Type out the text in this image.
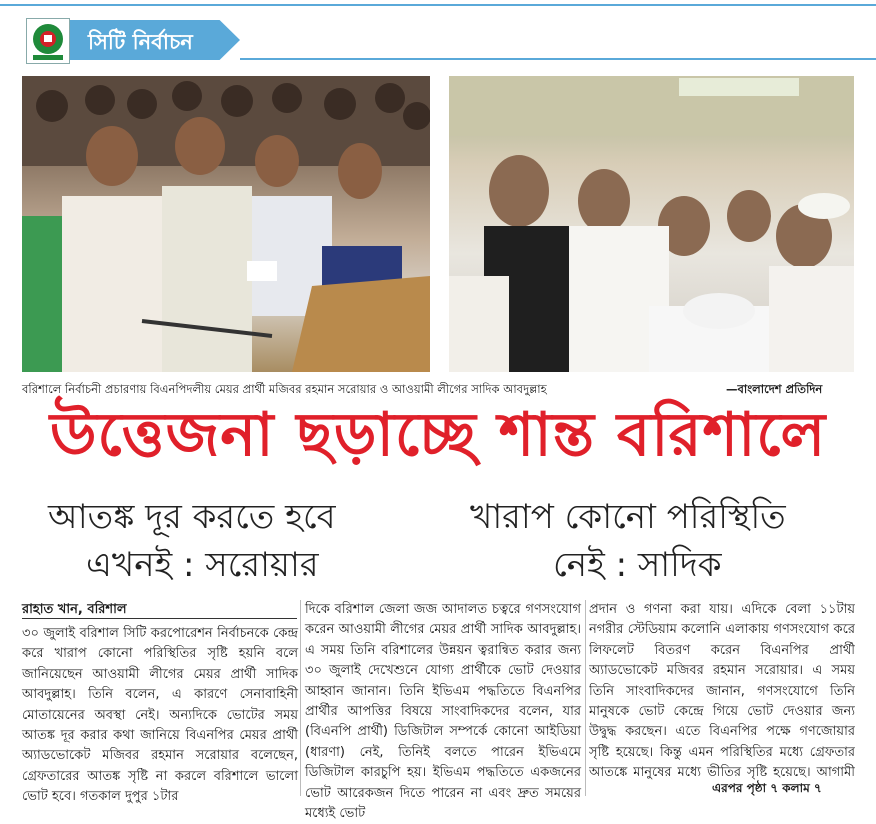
সিটি নির্বাচন
বরিশালে নির্বাচনী প্রচারণায় বিএনপিদলীয় মেয়র প্রার্থী মজিবর রহমান সরোয়ার ও আওয়ামী লীগের সাদিক আবদুল্লাহ	—বাংলাদেশ প্রতিদিন
উত্তেজনা ছড়াচ্ছে শান্ত বরিশালে
আতঙ্ক দূর করতে হবে
এখনই : সরোয়ার
খারাপ কোনো পরিস্থিতি
নেই : সাদিক
রাহাত খান, বরিশাল
৩০ জুলাই বরিশাল সিটি করপোরেশন নির্বাচনকে কেন্দ্র করে খারাপ কোনো পরিস্থিতির সৃষ্টি হয়নি বলে জানিয়েছেন আওয়ামী লীগের মেয়র প্রার্থী সাদিক আবদুল্লাহ। তিনি বলেন, এ কারণে সেনাবাহিনী মোতায়েনের অবস্থা নেই। অন্যদিকে ভোটের সময় আতঙ্ক দূর করার কথা জানিয়ে বিএনপির মেয়র প্রার্থী অ্যাডভোকেট মজিবর রহমান সরোয়ার বলেছেন, গ্রেফতারের আতঙ্ক সৃষ্টি না করলে বরিশালে ভালো ভোট হবে। গতকাল দুপুর ১টার
দিকে বরিশাল জেলা জজ আদালত চত্বরে গণসংযোগ করেন আওয়ামী লীগের মেয়র প্রার্থী সাদিক আবদুল্লাহ। এ সময় তিনি বরিশালের উন্নয়ন ত্বরান্বিত করার জন্য ৩০ জুলাই দেখেশুনে যোগ্য প্রার্থীকে ভোট দেওয়ার আহ্বান জানান। তিনি ইভিএম পদ্ধতিতে বিএনপির প্রার্থীর আপত্তির বিষয়ে সাংবাদিকদের বলেন, যার (বিএনপি প্রার্থী) ডিজিটাল সম্পর্কে কোনো আইডিয়া (ধারণা) নেই, তিনিই বলতে পারেন ইভিএমে ডিজিটাল কারচুপি হয়। ইভিএম পদ্ধতিতে একজনের ভোট আরেকজন দিতে পারেন না এবং দ্রুত সময়ের মধ্যেই ভোট
প্রদান ও গণনা করা যায়। এদিকে বেলা ১১টায় নগরীর স্টেডিয়াম কলোনি এলাকায় গণসংযোগ করে লিফলেট বিতরণ করেন বিএনপির প্রার্থী অ্যাডভোকেট মজিবর রহমান সরোয়ার। এ সময় তিনি সাংবাদিকদের জানান, গণসংযোগে তিনি মানুষকে ভোট কেন্দ্রে গিয়ে ভোট দেওয়ার জন্য উদ্বুদ্ধ করছেন। এতে বিএনপির পক্ষে গণজোয়ার সৃষ্টি হয়েছে। কিন্তু এমন পরিস্থিতির মধ্যে গ্রেফতার আতঙ্কে মানুষের মধ্যে ভীতির সৃষ্টি হয়েছে। আগামী
এরপর পৃষ্ঠা ৭ কলাম ৭
